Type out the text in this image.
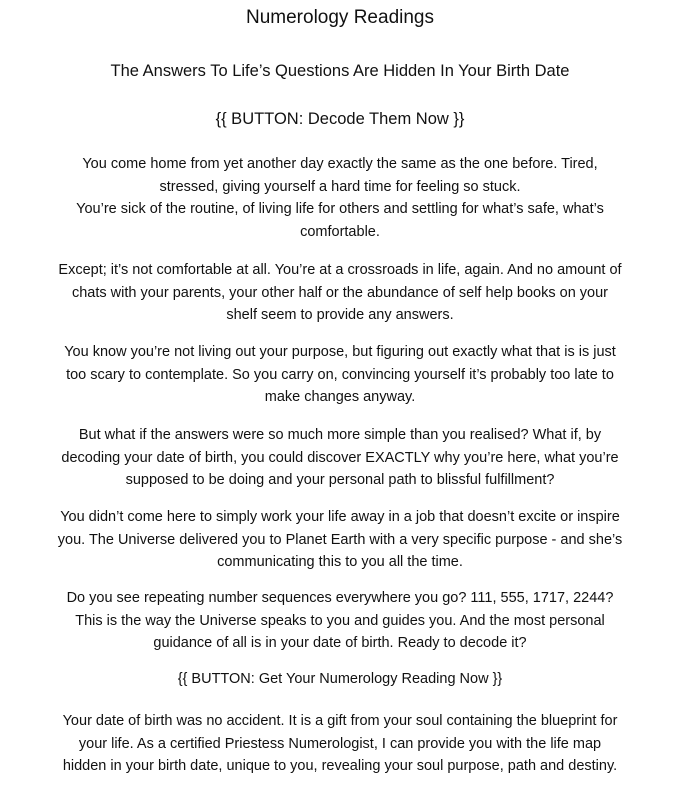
Numerology Readings
The Answers To Life’s Questions Are Hidden In Your Birth Date
{{ BUTTON: Decode Them Now }}
You come home from yet another day exactly the same as the one before. Tired,
stressed, giving yourself a hard time for feeling so stuck.
You’re sick of the routine, of living life for others and settling for what’s safe, what’s
comfortable.
Except; it’s not comfortable at all. You’re at a crossroads in life, again. And no amount of
chats with your parents, your other half or the abundance of self help books on your
shelf seem to provide any answers.
You know you’re not living out your purpose, but figuring out exactly what that is is just
too scary to contemplate. So you carry on, convincing yourself it’s probably too late to
make changes anyway.
But what if the answers were so much more simple than you realised? What if, by
decoding your date of birth, you could discover EXACTLY why you’re here, what you’re
supposed to be doing and your personal path to blissful fulfillment?
You didn’t come here to simply work your life away in a job that doesn’t excite or inspire
you. The Universe delivered you to Planet Earth with a very specific purpose - and she’s
communicating this to you all the time.
Do you see repeating number sequences everywhere you go? 111, 555, 1717, 2244?
This is the way the Universe speaks to you and guides you. And the most personal
guidance of all is in your date of birth. Ready to decode it?
{{ BUTTON: Get Your Numerology Reading Now }}
Your date of birth was no accident. It is a gift from your soul containing the blueprint for
your life. As a certified Priestess Numerologist, I can provide you with the life map
hidden in your birth date, unique to you, revealing your soul purpose, path and destiny.
